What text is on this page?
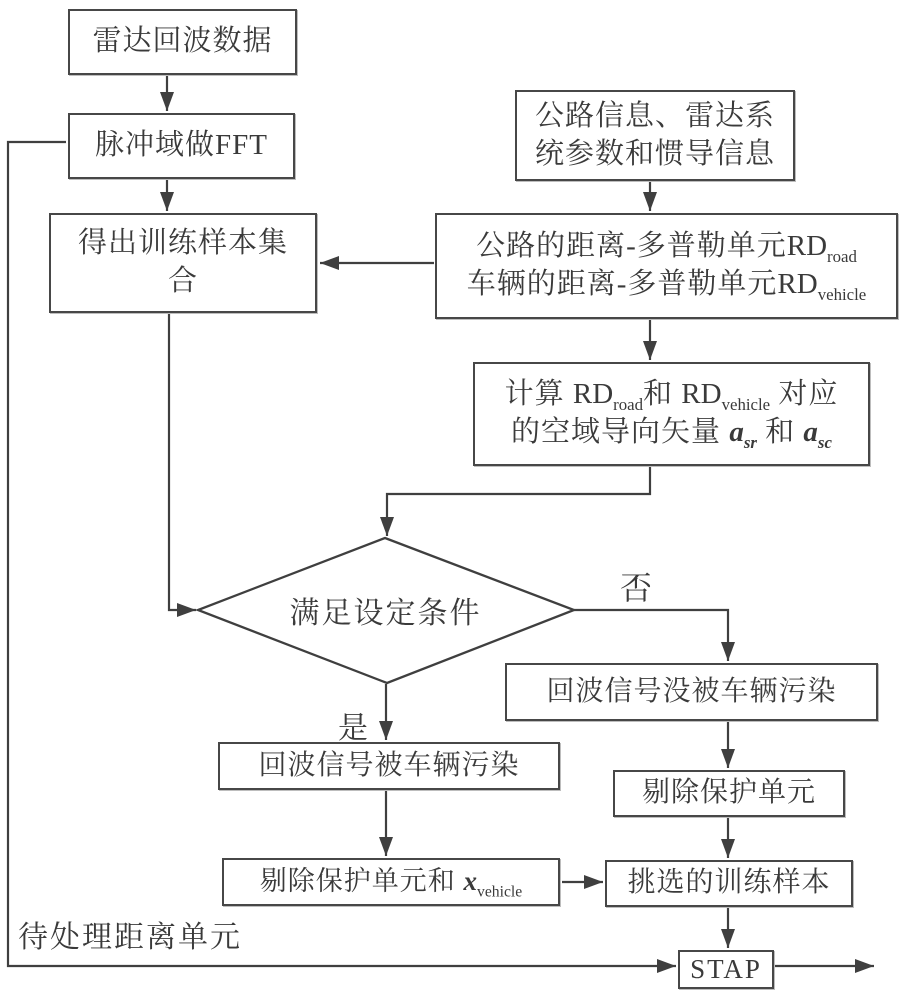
雷达回波数据
脉冲域做FFT
得出训练样本集
合
公路信息、雷达系
统参数和惯导信息
公路的距离-多普勒单元$RD_{road}$
车辆的距离-多普勒单元$RD_{vehicle}$
计算 $RD_{road}$和 $RD_{vehicle}$ 对应
的空域导向矢量 $a_{sr}$ 和 $a_{sc}$
满足设定条件
回波信号被车辆污染
回波信号没被车辆污染
剔除保护单元
剔除保护单元和 $x_{vehicle}$	挑选的训练样本
STAP
是
否
待处理距离单元
